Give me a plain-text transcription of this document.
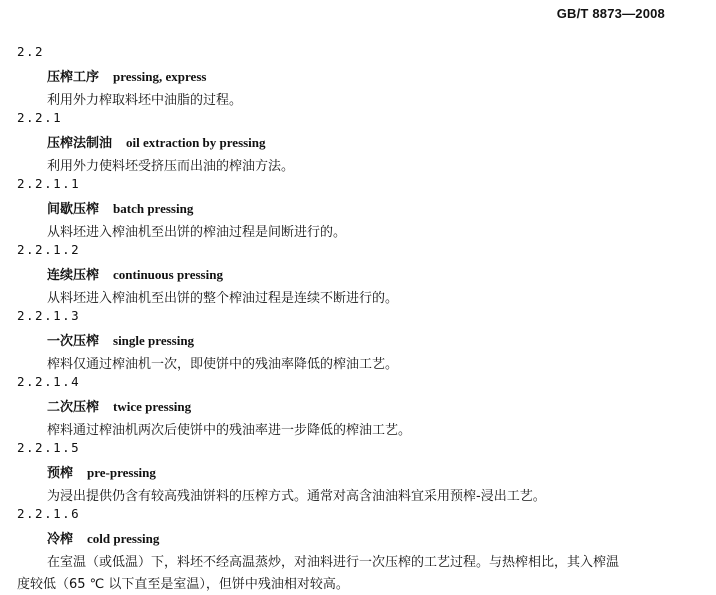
GB/T 8873—2008
2.2
压榨工序 pressing, express
利用外力榨取料坯中油脂的过程。
2.2.1
压榨法制油 oil extraction by pressing
利用外力使料坯受挤压而出油的榨油方法。
2.2.1.1
间歇压榨 batch pressing
从料坯进入榨油机至出饼的榨油过程是间断进行的。
2.2.1.2
连续压榨 continuous pressing
从料坯进入榨油机至出饼的整个榨油过程是连续不断进行的。
2.2.1.3
一次压榨 single pressing
榨料仅通过榨油机一次，即使饼中的残油率降低的榨油工艺。
2.2.1.4
二次压榨 twice pressing
榨料通过榨油机两次后使饼中的残油率进一步降低的榨油工艺。
2.2.1.5
预榨 pre-pressing
为浸出提供仍含有较高残油饼料的压榨方式。通常对高含油油料宜采用预榨-浸出工艺。
2.2.1.6
冷榨 cold pressing
在室温（或低温）下，料坯不经高温蒸炒，对油料进行一次压榨的工艺过程。与热榨相比，其入榨温
度较低（65 ℃ 以下直至是室温），但饼中残油相对较高。
